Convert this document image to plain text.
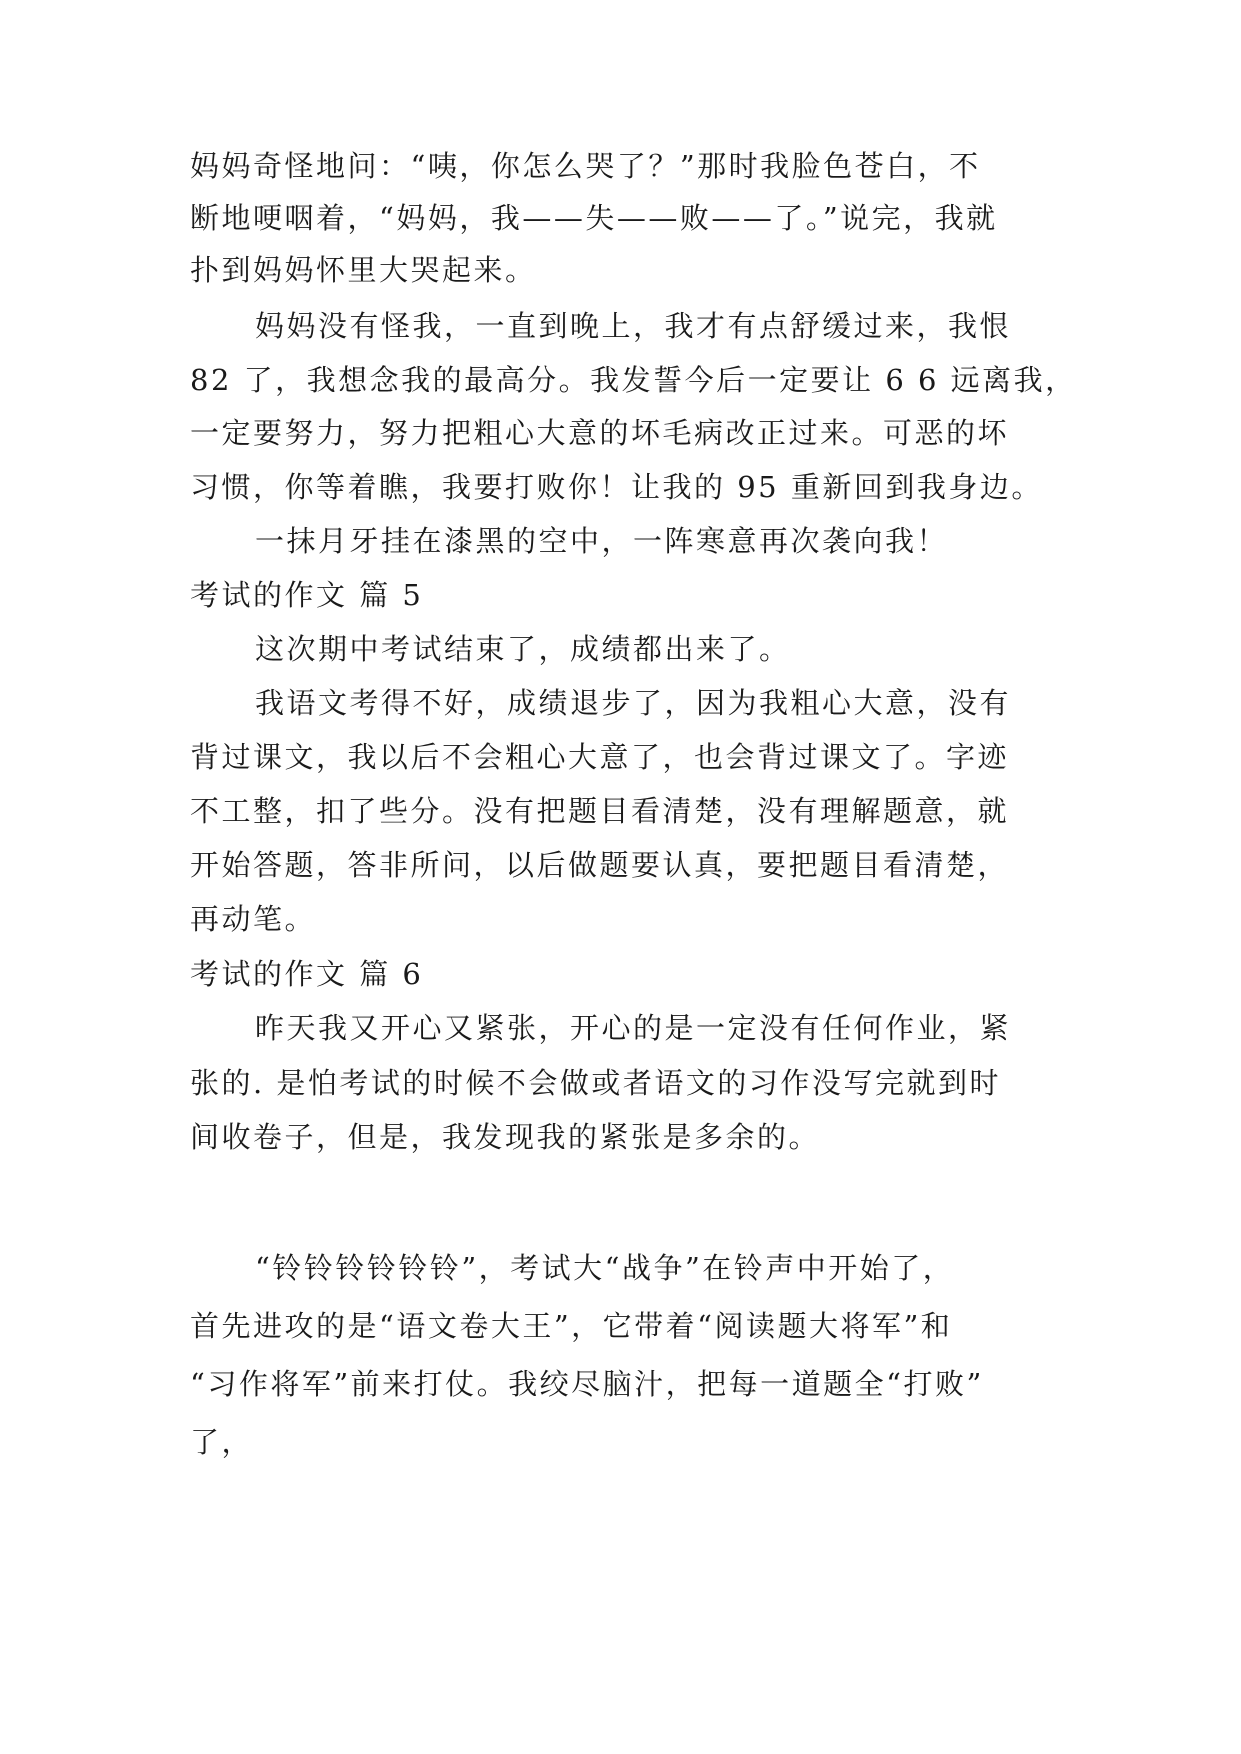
妈妈奇怪地问：“咦，你怎么哭了？”那时我脸色苍白，不
断地哽咽着，“妈妈，我——失——败——了。”说完，我就
扑到妈妈怀里大哭起来。
妈妈没有怪我，一直到晚上，我才有点舒缓过来，我恨
82 了，我想念我的最高分。我发誓今后一定要让 6 6 远离我，
一定要努力，努力把粗心大意的坏毛病改正过来。可恶的坏
习惯，你等着瞧，我要打败你！让我的 95 重新回到我身边。
一抹月牙挂在漆黑的空中，一阵寒意再次袭向我！
考试的作文 篇 5
这次期中考试结束了，成绩都出来了。
我语文考得不好，成绩退步了，因为我粗心大意，没有
背过课文，我以后不会粗心大意了，也会背过课文了。字迹
不工整，扣了些分。没有把题目看清楚，没有理解题意，就
开始答题，答非所问，以后做题要认真，要把题目看清楚，
再动笔。
考试的作文 篇 6
昨天我又开心又紧张，开心的是一定没有任何作业，紧
张的. 是怕考试的时候不会做或者语文的习作没写完就到时
间收卷子，但是，我发现我的紧张是多余的。
“铃铃铃铃铃铃”，考试大“战争”在铃声中开始了，
首先进攻的是“语文卷大王”，它带着“阅读题大将军”和
“习作将军”前来打仗。我绞尽脑汁，把每一道题全“打败”
了，
